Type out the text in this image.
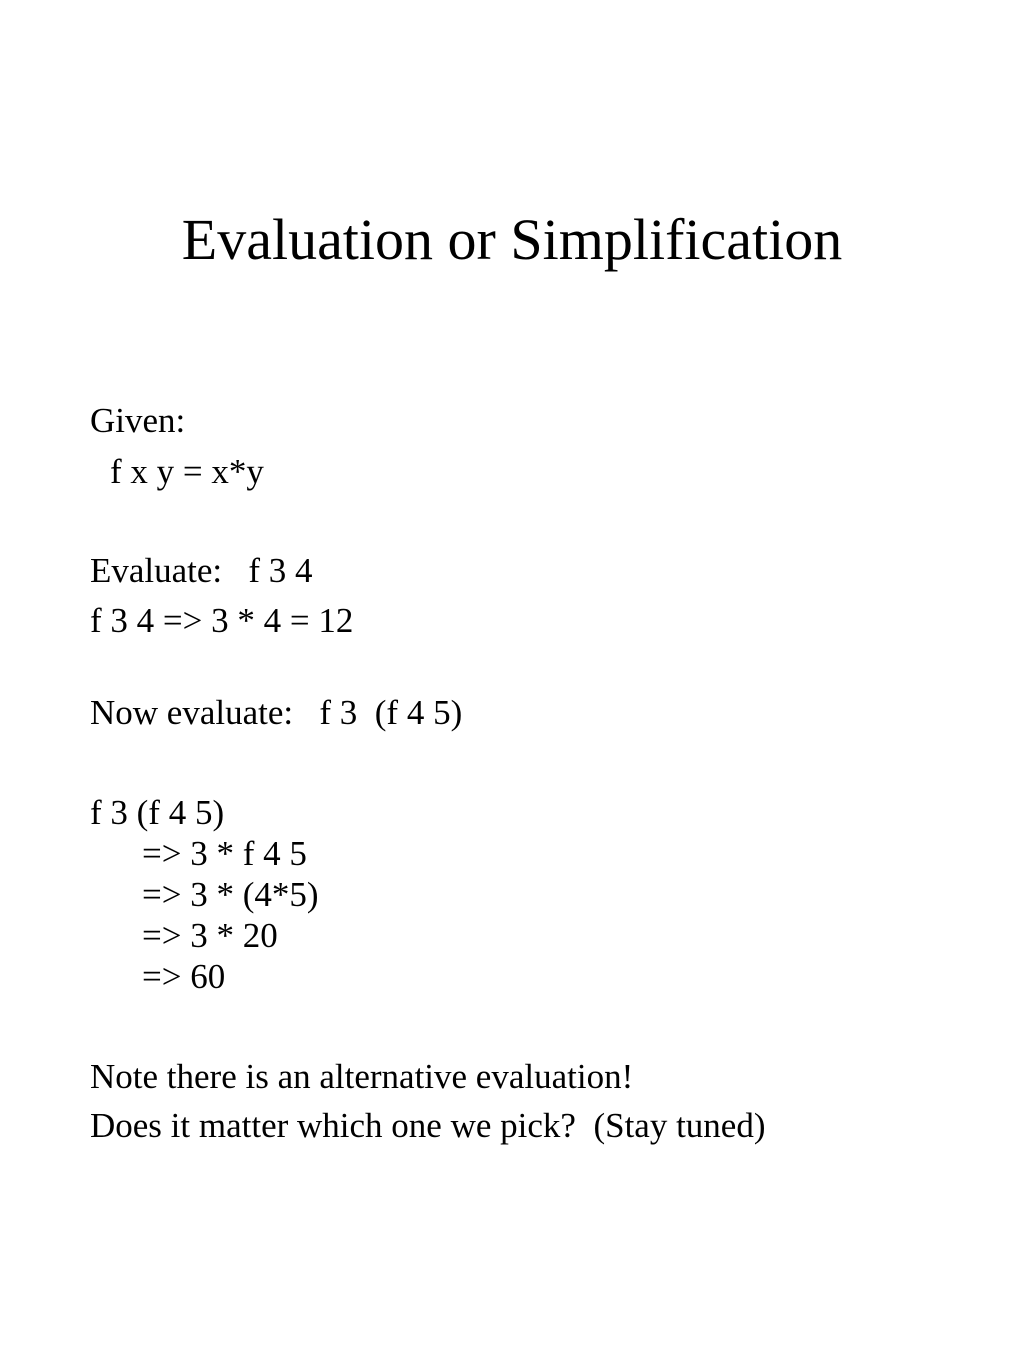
Evaluation or Simplification

Given:

f x y = x*y

Evaluate:   f 3 4

f 3 4 => 3 * 4 = 12

Now evaluate:   f 3  (f 4 5)

f 3 (f 4 5)

=> 3 * f 4 5

=> 3 * (4*5)

=> 3 * 20

=> 60

Note there is an alternative evaluation!

Does it matter which one we pick?  (Stay tuned)
